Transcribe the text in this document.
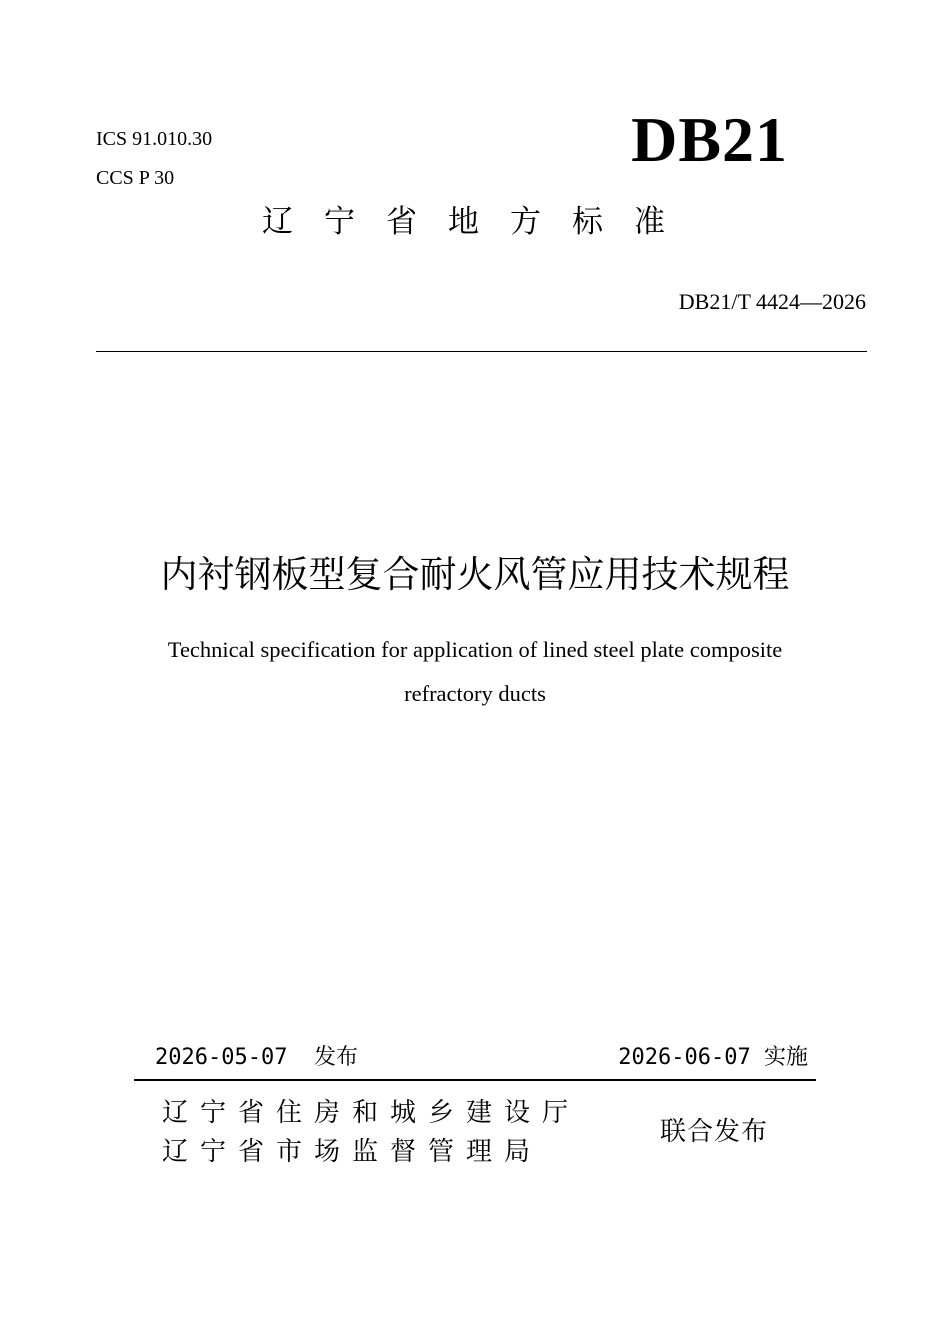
ICS 91.010.30
CCS P 30
DB21
辽宁省地方标准
DB21/T 4424—2026
内衬钢板型复合耐火风管应用技术规程
Technical specification for application of lined steel plate composite
refractory ducts
2026-05-07 发布	2026-06-07 实施
辽宁省住房和城乡建设厅
辽宁省市场监督管理局
联合发布
